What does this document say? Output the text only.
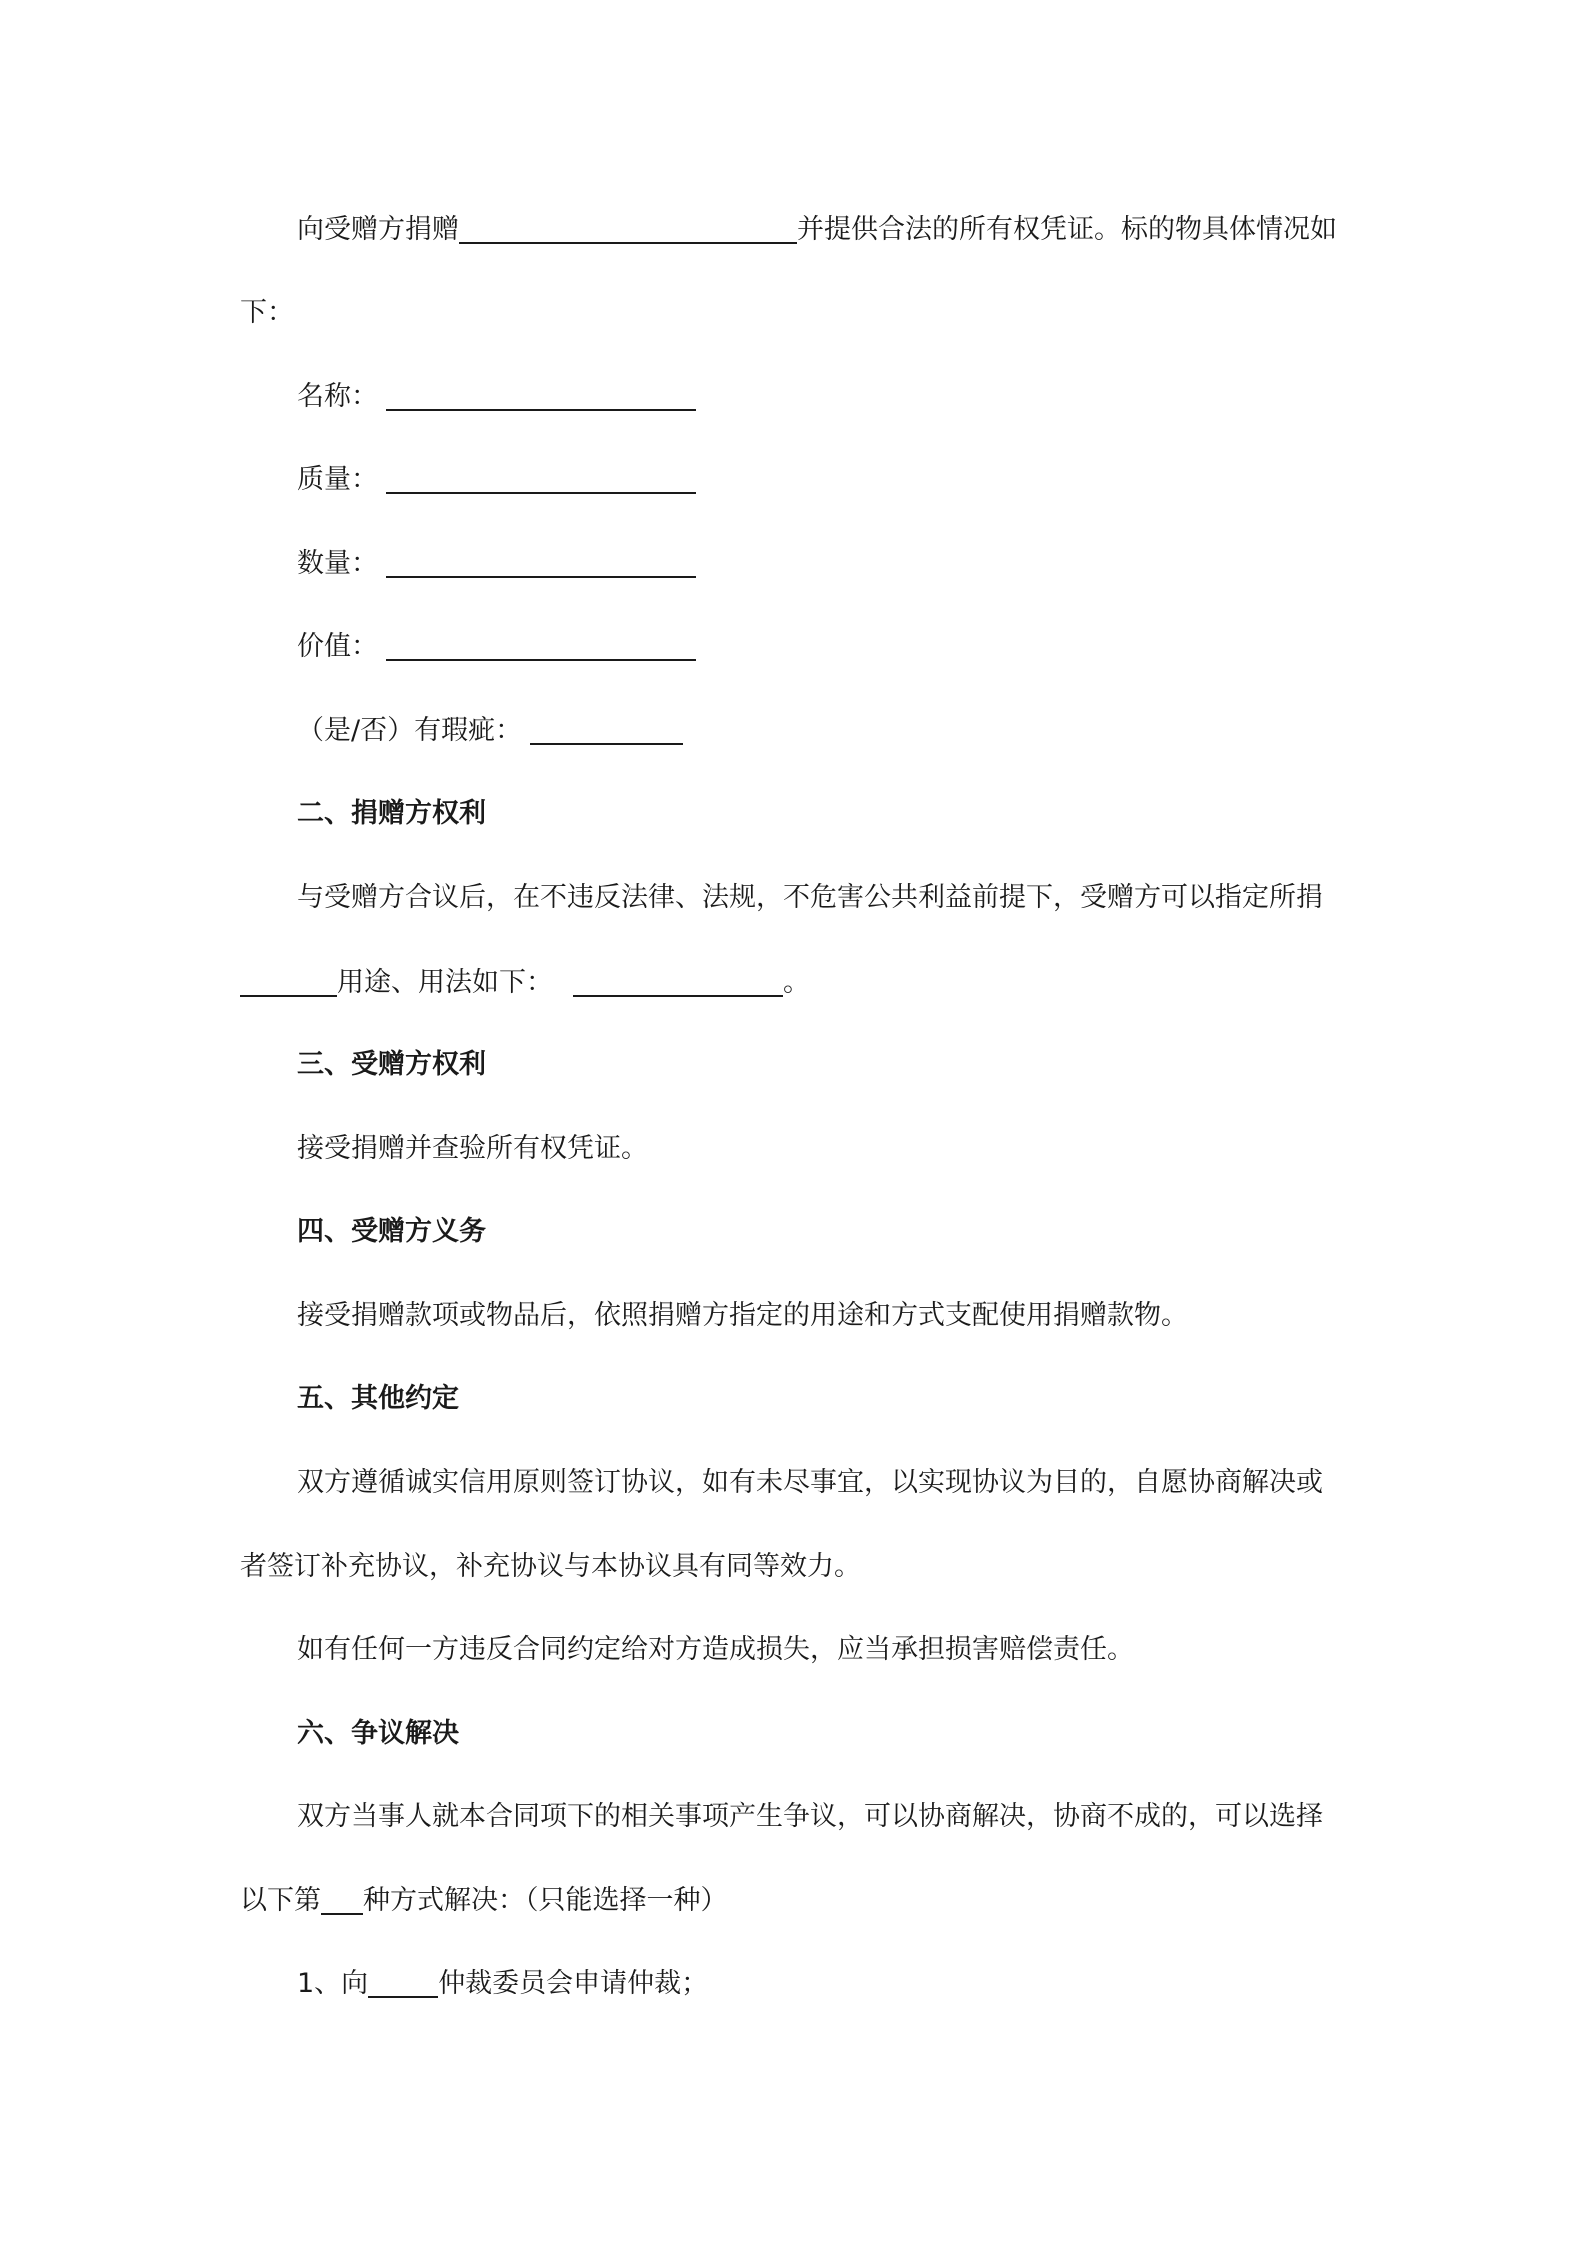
向受赠方捐赠	并提供合法的所有权凭证。标的物具体情况如
下：
名称：
质量：
数量：
价值：
（是/否）有瑕疵：
二、捐赠方权利
与受赠方合议后，在不违反法律、法规，不危害公共利益前提下，受赠方可以指定所捐
用途、用法如下：	。
三、受赠方权利
接受捐赠并查验所有权凭证。
四、受赠方义务
接受捐赠款项或物品后，依照捐赠方指定的用途和方式支配使用捐赠款物。
五、其他约定
双方遵循诚实信用原则签订协议，如有未尽事宜，以实现协议为目的，自愿协商解决或
者签订补充协议，补充协议与本协议具有同等效力。
如有任何一方违反合同约定给对方造成损失，应当承担损害赔偿责任。
六、争议解决
双方当事人就本合同项下的相关事项产生争议，可以协商解决，协商不成的，可以选择
以下第 种方式解决：（只能选择一种）
1、向	仲裁委员会申请仲裁；
